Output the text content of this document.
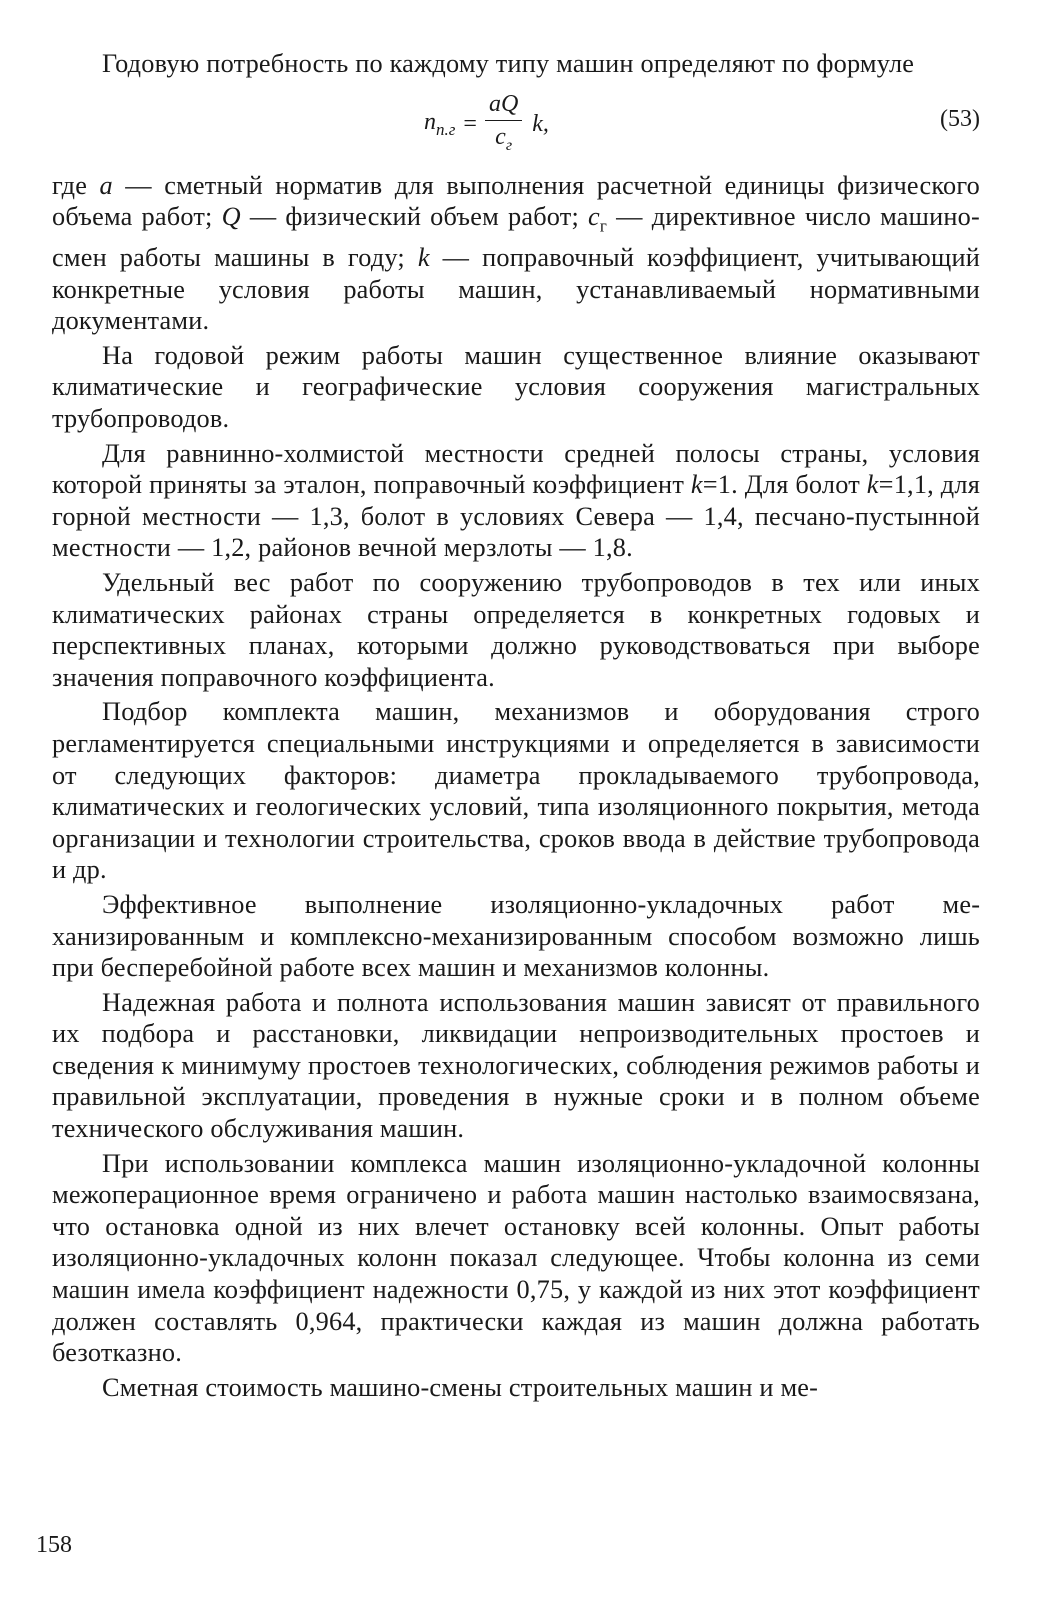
Годовую потребность по каждому типу машин определяют по формуле

$n_{п.г} = \frac{aQ}{c_г} k$,	(53)

где a — сметный норматив для выполнения расчетной единицы физического объема работ; Q — физический объем работ; $c_г$ — директивное число машино-смен работы машины в году; k — поправочный коэффициент, учитывающий конкретные условия работы машин, устанавливаемый нормативными документами.

На годовой режим работы машин существенное влияние оказывают климатические и географические условия сооружения магистральных трубопроводов.

Для равнинно-холмистой местности средней полосы страны, условия которой приняты за эталон, поправочный коэффициент k=1. Для болот k=1,1, для горной местности — 1,3, болот в условиях Севера — 1,4, песчано-пустынной местности — 1,2, районов вечной мерзлоты — 1,8.

Удельный вес работ по сооружению трубопроводов в тех или иных климатических районах страны определяется в конкретных годовых и перспективных планах, которыми должно руководствоваться при выборе значения поправочного коэффициента.

Подбор комплекта машин, механизмов и оборудования строго регламентируется специальными инструкциями и определяется в зависимости от следующих факторов: диаметра прокладываемого трубопровода, климатических и геологических условий, типа изоляционного покрытия, метода организации и технологии строительства, сроков ввода в действие трубопровода и др.

Эффективное выполнение изоляционно-укладочных работ механизированным и комплексно-механизированным способом возможно лишь при бесперебойной работе всех машин и механизмов колонны.

Надежная работа и полнота использования машин зависят от правильного их подбора и расстановки, ликвидации непроизводительных простоев и сведения к минимуму простоев технологических, соблюдения режимов работы и правильной эксплуатации, проведения в нужные сроки и в полном объеме технического обслуживания машин.

При использовании комплекса машин изоляционно-укладочной колонны межоперационное время ограничено и работа машин настолько взаимосвязана, что остановка одной из них влечет остановку всей колонны. Опыт работы изоляционно-укладочных колонн показал следующее. Чтобы колонна из семи машин имела коэффициент надежности 0,75, у каждой из них этот коэффициент должен составлять 0,964, практически каждая из машин должна работать безотказно.

Сметная стоимость машино-смены строительных машин и ме-

158
